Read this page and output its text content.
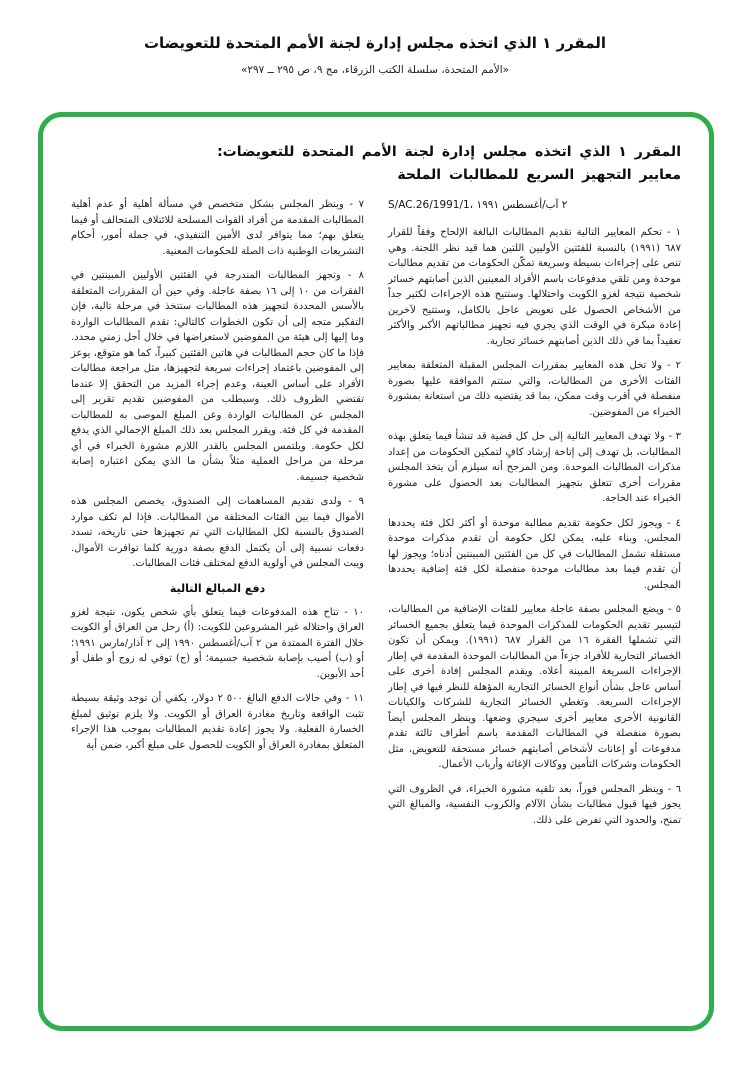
المقرر ١ الذي اتخذه مجلس إدارة لجنة الأمم المتحدة للتعويضات
«الأمم المتحدة، سلسلة الكتب الزرقاء، مج ٩، ص ٢٩٥ ــ ٢٩٧»
المقرر ١ الذي اتخذه مجلس إدارة لجنة الأمم المتحدة للتعويضات:
معايير التجهيز السريع للمطالبات الملحة
S/AC.26/1991/1، ٢ آب/أغسطس ١٩٩١

١ - تحكم المعايير التالية تقديم المطالبات البالغة الإلحاح وفقاً للقرار ٦٨٧ (١٩٩١) بالنسبة للفئتين الأوليين اللتين هما قيد نظر اللجنة. وهي تنص على إجراءات بسيطة وسريعة تمكّن الحكومات من تقديم مطالبات موحدة ومن تلقي مدفوعات باسم الأفراد المعينين الذين أصابتهم خسائر شخصية نتيجة لغزو الكويت واحتلالها. وستتيح هذه الإجراءات لكثير جداً من الأشخاص الحصول على تعويض عاجل بالكامل، وستتيح لآخرين إعادة مبكرة في الوقت الذي يجري فيه تجهيز مطالباتهم الأكبر والأكثر تعقيداً بما في ذلك الذين أصابتهم خسائر تجارية.

٢ - ولا تخل هذه المعايير بمقررات المجلس المقبلة المتعلقة بمعايير الفئات الأخرى من المطالبات، والتي ستتم الموافقة عليها بصورة منفصلة في أقرب وقت ممكن، بما قد يقتضيه ذلك من استعانة بمشورة الخبراء من المفوضين.

٣ - ولا تهدف المعايير التالية إلى حل كل قضية قد تنشأ فيما يتعلق بهذه المطالبات، بل تهدف إلى إتاحة إرشاد كافٍ لتمكين الحكومات من إعداد مذكرات المطالبات الموحدة. ومن المرجح أنه سيلزم أن يتخذ المجلس مقررات أخرى تتعلق بتجهيز المطالبات بعد الحصول على مشورة الخبراء عند الحاجة.

٤ - ويجوز لكل حكومة تقديم مطالبة موحدة أو أكثر لكل فئة يحددها المجلس. وبناء عليه، يمكن لكل حكومة أن تقدم مذكرات موحدة مستقلة تشمل المطالبات في كل من الفئتين المبينتين أدناه؛ ويجوز لها أن تقدم فيما بعد مطالبات موحدة منفصلة لكل فئة إضافية يحددها المجلس.

٥ - ويضع المجلس بصفة عاجلة معايير للفئات الإضافية من المطالبات، لتيسير تقديم الحكومات للمذكرات الموحدة فيما يتعلق بجميع الخسائر التي تشملها الفقرة ١٦ من القرار ٦٨٧ (١٩٩١). ويمكن أن تكون الخسائر التجارية للأفراد جزءاً من المطالبات الموحدة المقدمة في إطار الإجراءات السريعة المبينة أعلاه. ويقدم المجلس إفادة أخرى على أساس عاجل بشأن أنواع الخسائر التجارية المؤهلة للنظر فيها في إطار الإجراءات السريعة. وتغطي الخسائر التجارية للشركات والكيانات القانونية الأخرى معايير أخرى سيجري وضعها. وينظر المجلس أيضاً بصورة منفصلة في المطالبات المقدمة باسم أطراف ثالثة تقدم مدفوعات أو إعانات لأشخاص أصابتهم خسائر مستحقة للتعويض، مثل الحكومات وشركات التأمين ووكالات الإغاثة وأرباب الأعمال.

٦ - وينظر المجلس فوراً، بعد تلقيه مشورة الخبراء، في الظروف التي يجوز فيها قبول مطالبات بشأن الآلام والكروب النفسية، والمبالغ التي تمنح، والحدود التي تفرض على ذلك.

٧ - وينظر المجلس بشكل متخصص في مسألة أهلية أو عدم أهلية المطالبات المقدمة من أفراد القوات المسلحة للائتلاف المتحالف أو فيما يتعلق بهم؛ مما يتوافر لدى الأمين التنفيذي، في جملة أمور، أحكام التشريعات الوطنية ذات الصلة للحكومات المعنية.

٨ - وتجهز المطالبات المندرجة في الفئتين الأوليين المبينتين في الفقرات من ١٠ إلى ١٦ بصفة عاجلة. وفي حين أن المقررات المتعلقة بالأسس المحددة لتجهيز هذه المطالبات ستتخذ في مرحلة تالية، فإن التفكير متجه إلى أن تكون الخطوات كالتالي: تقدم المطالبات الواردة وما إليها إلى هيئة من المفوضين لاستعراضها في خلال أجل زمني محدد. فإذا ما كان حجم المطالبات في هاتين الفئتين كبيراً، كما هو متوقع، يوعز إلى المفوضين باعتماد إجراءات سريعة لتجهيزها، مثل مراجعة مطالبات الأفراد على أساس العينة، وعدم إجراء المزيد من التحقق إلا عندما تقتضي الظروف ذلك. وسيطلب من المفوضين تقديم تقرير إلى المجلس عن المطالبات الواردة وعن المبلغ الموصى به للمطالبات المقدمة في كل فئة. ويقرر المجلس بعد ذلك المبلغ الإجمالي الذي يدفع لكل حكومة. ويلتمس المجلس بالقدر اللازم مشورة الخبراء في أي مرحلة من مراحل العملية مثلاً بشأن ما الذي يمكن اعتباره إصابة شخصية جسيمة.

٩ - ولدى تقديم المساهمات إلى الصندوق، يخصص المجلس هذه الأموال فيما بين الفئات المختلفة من المطالبات. فإذا لم تكف موارد الصندوق بالنسبة لكل المطالبات التي تم تجهيزها حتى تاريخه، تسدد دفعات نسبية إلى أن يكتمل الدفع بصفة دورية كلما توافرت الأموال. ويبت المجلس في أولوية الدفع لمختلف فئات المطالبات.

دفع المبالغ التالية

١٠ - تتاح هذه المدفوعات فيما يتعلق بأي شخص يكون، نتيجة لغزو العراق واحتلاله غير المشروعين للكويت: (أ) رحل من العراق أو الكويت خلال الفترة الممتدة من ٢ آب/أغسطس ١٩٩٠ إلى ٢ آذار/مارس ١٩٩١؛ أو (ب) أصيب بإصابة شخصية جسيمة؛ أو (ج) توفي له زوج أو طفل أو أحد الأبوين.

١١ - وفي حالات الدفع البالغ ٥٠٠ ٢ دولار، يكفي أن توجد وثيقة بسيطة تثبت الواقعة وتاريخ مغادرة العراق أو الكويت. ولا يلزم توثيق لمبلغ الخسارة الفعلية. ولا يجوز إعادة تقديم المطالبات بموجب هذا الإجراء المتعلق بمغادرة العراق أو الكويت للحصول على مبلغ أكبر، ضمن أية
